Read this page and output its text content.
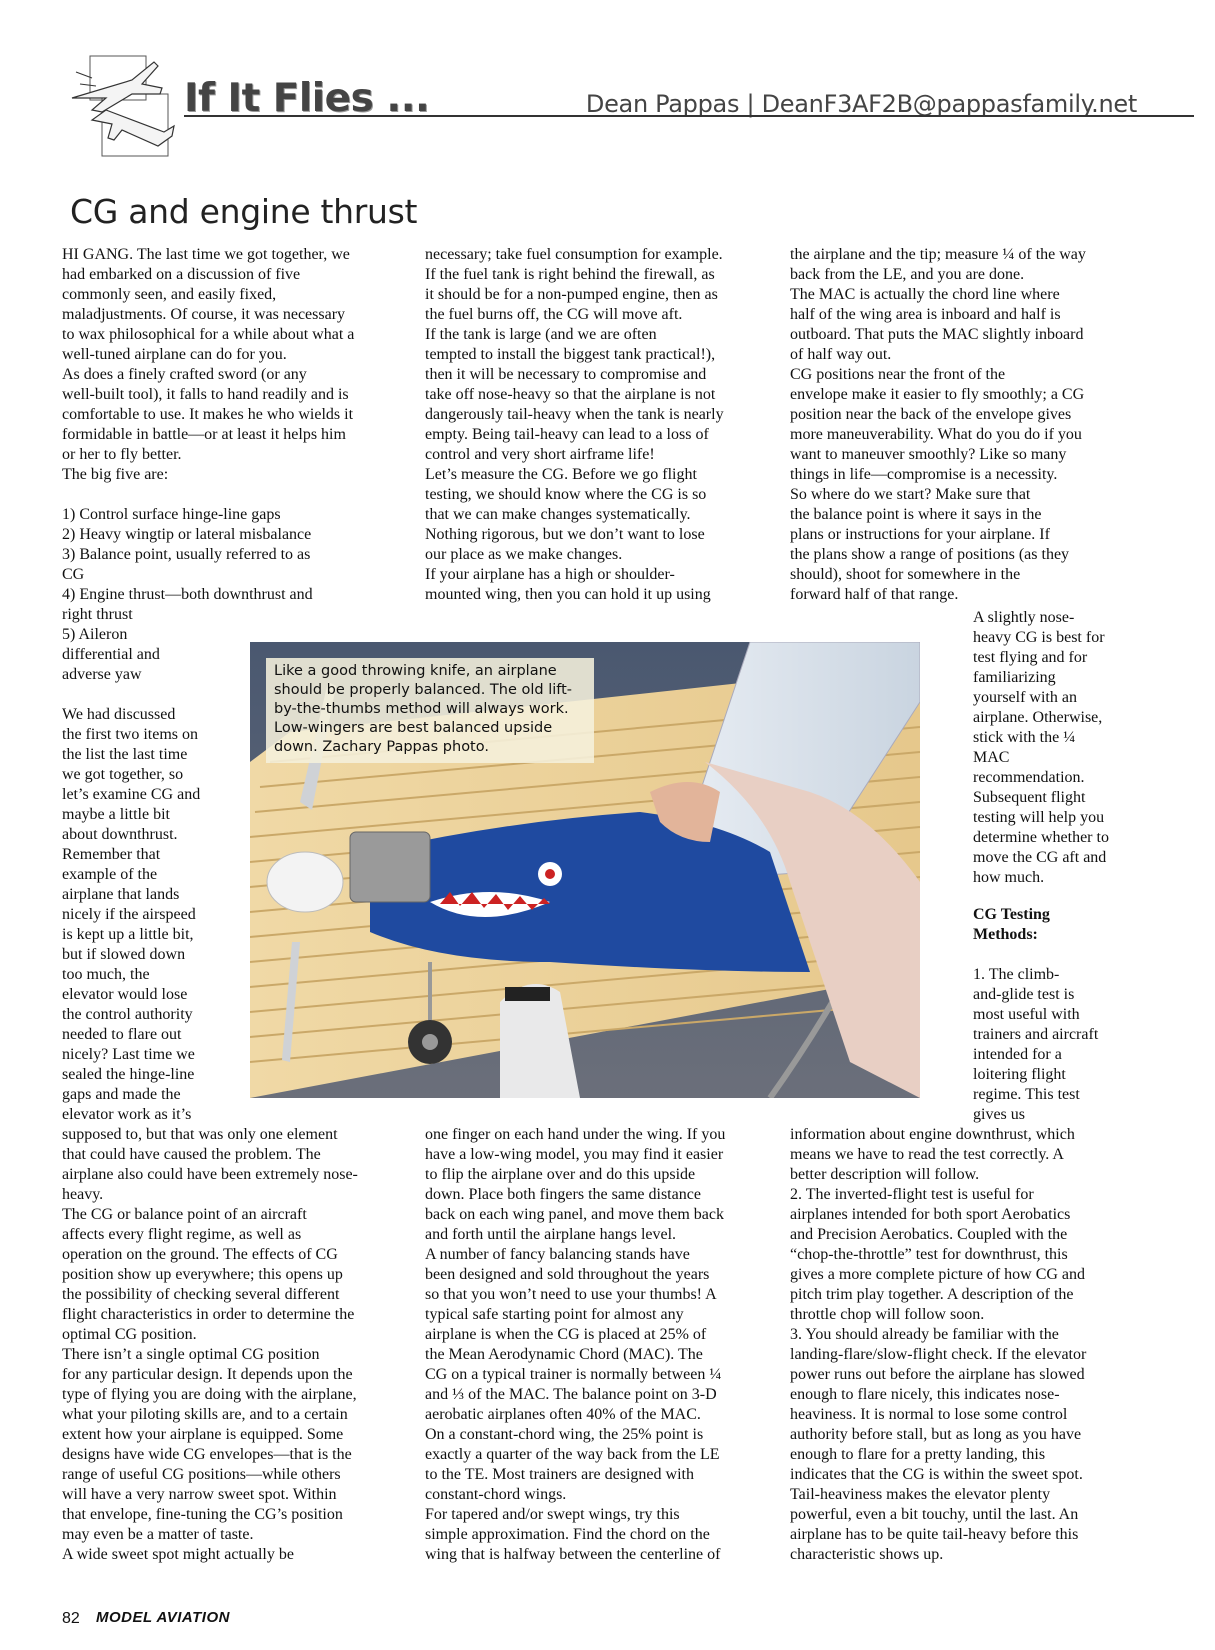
If It Flies ...	Dean Pappas | DeanF3AF2B@pappasfamily.net
CG and engine thrust

HI GANG. The last time we got together, we
had embarked on a discussion of five
commonly seen, and easily fixed,
maladjustments. Of course, it was necessary
to wax philosophical for a while about what a
well-tuned airplane can do for you.
As does a finely crafted sword (or any
well-built tool), it falls to hand readily and is
comfortable to use. It makes he who wields it
formidable in battle—or at least it helps him
or her to fly better.
The big five are:

1) Control surface hinge-line gaps
2) Heavy wingtip or lateral misbalance
3) Balance point, usually referred to as
CG
4) Engine thrust—both downthrust and
right thrust
5) Aileron
differential and
adverse yaw

We had discussed
the first two items on
the list the last time
we got together, so
let’s examine CG and
maybe a little bit
about downthrust.
Remember that
example of the
airplane that lands
nicely if the airspeed
is kept up a little bit,
but if slowed down
too much, the
elevator would lose
the control authority
needed to flare out
nicely? Last time we
sealed the hinge-line
gaps and made the
elevator work as it’s

supposed to, but that was only one element
that could have caused the problem. The
airplane also could have been extremely nose-
heavy.
The CG or balance point of an aircraft
affects every flight regime, as well as
operation on the ground. The effects of CG
position show up everywhere; this opens up
the possibility of checking several different
flight characteristics in order to determine the
optimal CG position.
There isn’t a single optimal CG position
for any particular design. It depends upon the
type of flying you are doing with the airplane,
what your piloting skills are, and to a certain
extent how your airplane is equipped. Some
designs have wide CG envelopes—that is the
range of useful CG positions—while others
will have a very narrow sweet spot. Within
that envelope, fine-tuning the CG’s position
may even be a matter of taste.
A wide sweet spot might actually be

necessary; take fuel consumption for example.
If the fuel tank is right behind the firewall, as
it should be for a non-pumped engine, then as
the fuel burns off, the CG will move aft.
If the tank is large (and we are often
tempted to install the biggest tank practical!),
then it will be necessary to compromise and
take off nose-heavy so that the airplane is not
dangerously tail-heavy when the tank is nearly
empty. Being tail-heavy can lead to a loss of
control and very short airframe life!
Let’s measure the CG. Before we go flight
testing, we should know where the CG is so
that we can make changes systematically.
Nothing rigorous, but we don’t want to lose
our place as we make changes.
If your airplane has a high or shoulder-
mounted wing, then you can hold it up using

one finger on each hand under the wing. If you
have a low-wing model, you may find it easier
to flip the airplane over and do this upside
down. Place both fingers the same distance
back on each wing panel, and move them back
and forth until the airplane hangs level.
A number of fancy balancing stands have
been designed and sold throughout the years
so that you won’t need to use your thumbs! A
typical safe starting point for almost any
airplane is when the CG is placed at 25% of
the Mean Aerodynamic Chord (MAC). The
CG on a typical trainer is normally between ¼
and ⅓ of the MAC. The balance point on 3-D
aerobatic airplanes often 40% of the MAC.
On a constant-chord wing, the 25% point is
exactly a quarter of the way back from the LE
to the TE. Most trainers are designed with
constant-chord wings.
For tapered and/or swept wings, try this
simple approximation. Find the chord on the
wing that is halfway between the centerline of

the airplane and the tip; measure ¼ of the way
back from the LE, and you are done.
The MAC is actually the chord line where
half of the wing area is inboard and half is
outboard. That puts the MAC slightly inboard
of half way out.
CG positions near the front of the
envelope make it easier to fly smoothly; a CG
position near the back of the envelope gives
more maneuverability. What do you do if you
want to maneuver smoothly? Like so many
things in life—compromise is a necessity.
So where do we start? Make sure that
the balance point is where it says in the
plans or instructions for your airplane. If
the plans show a range of positions (as they
should), shoot for somewhere in the
forward half of that range.

A slightly nose-
heavy CG is best for
test flying and for
familiarizing
yourself with an
airplane. Otherwise,
stick with the ¼
MAC
recommendation.
Subsequent flight
testing will help you
determine whether to
move the CG aft and
how much.

CG Testing
Methods:

1. The climb-
and-glide test is
most useful with
trainers and aircraft
intended for a
loitering flight
regime. This test
gives us

information about engine downthrust, which
means we have to read the test correctly. A
better description will follow.
2. The inverted-flight test is useful for
airplanes intended for both sport Aerobatics
and Precision Aerobatics. Coupled with the
“chop-the-throttle” test for downthrust, this
gives a more complete picture of how CG and
pitch trim play together. A description of the
throttle chop will follow soon.
3. You should already be familiar with the
landing-flare/slow-flight check. If the elevator
power runs out before the airplane has slowed
enough to flare nicely, this indicates nose-
heaviness. It is normal to lose some control
authority before stall, but as long as you have
enough to flare for a pretty landing, this
indicates that the CG is within the sweet spot.
Tail-heaviness makes the elevator plenty
powerful, even a bit touchy, until the last. An
airplane has to be quite tail-heavy before this
characteristic shows up.

Like a good throwing knife, an airplane should be properly balanced. The old lift-by-the-thumbs method will always work. Low-wingers are best balanced upside down. Zachary Pappas photo.
82 MODEL AVIATION
